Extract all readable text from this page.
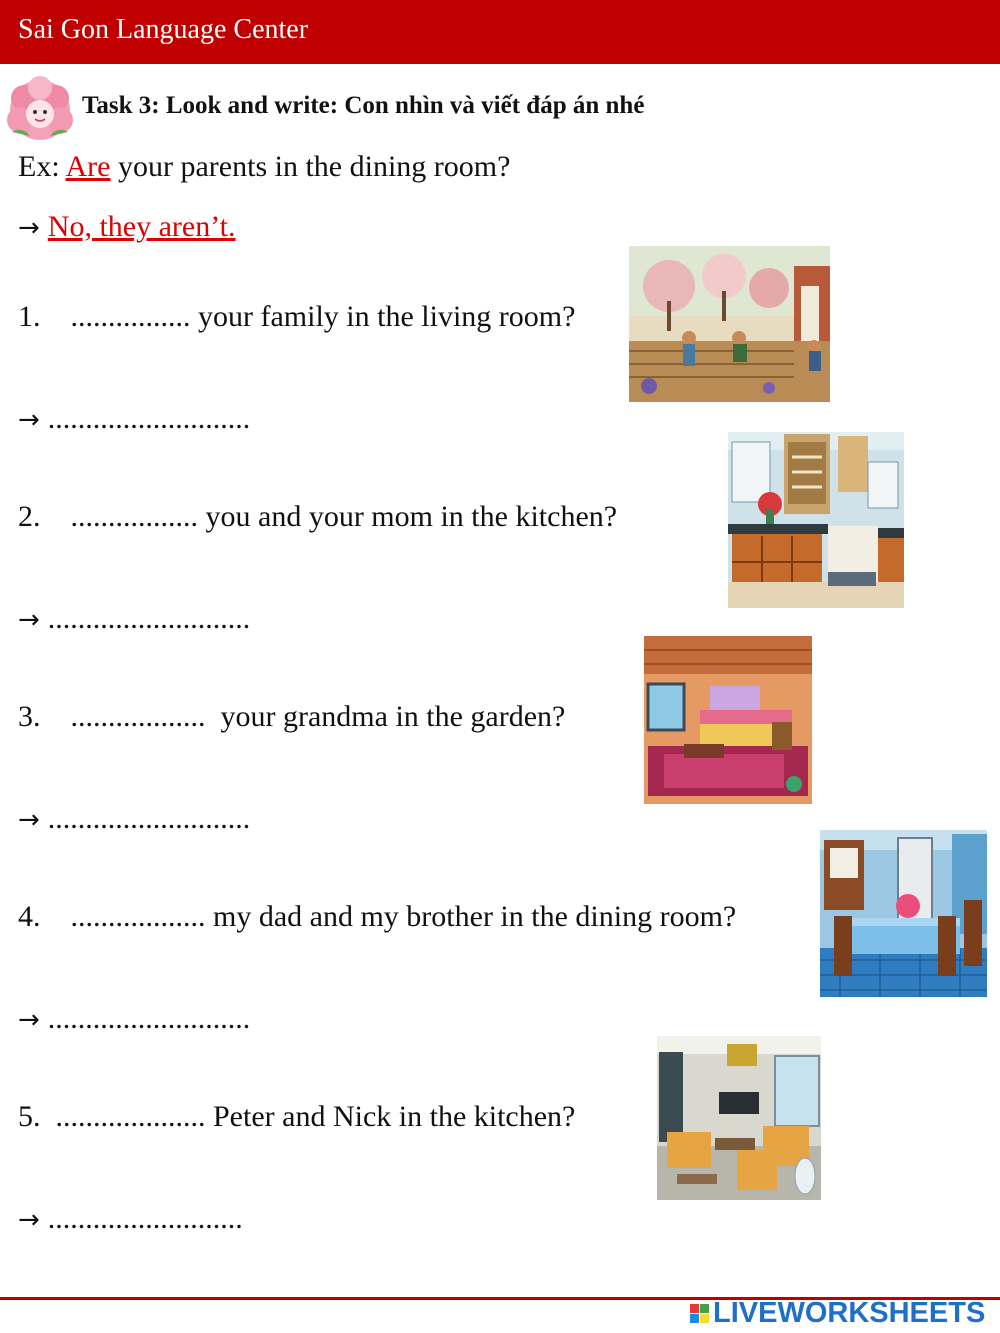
Sai Gon Language Center
Task 3: Look and write: Con nhìn và viết đáp án nhé
Ex: Are your parents in the dining room?
→ No, they aren’t.
1. ................ your family in the living room?
→ ...........................
2. ................. you and your mom in the kitchen?
→ ...........................
3. ..................  your grandma in the garden?
→ ...........................
4. .................. my dad and my brother in the dining room?
→ ...........................
5. .................... Peter and Nick in the kitchen?
→ ..........................
LIVEWORKSHEETS
